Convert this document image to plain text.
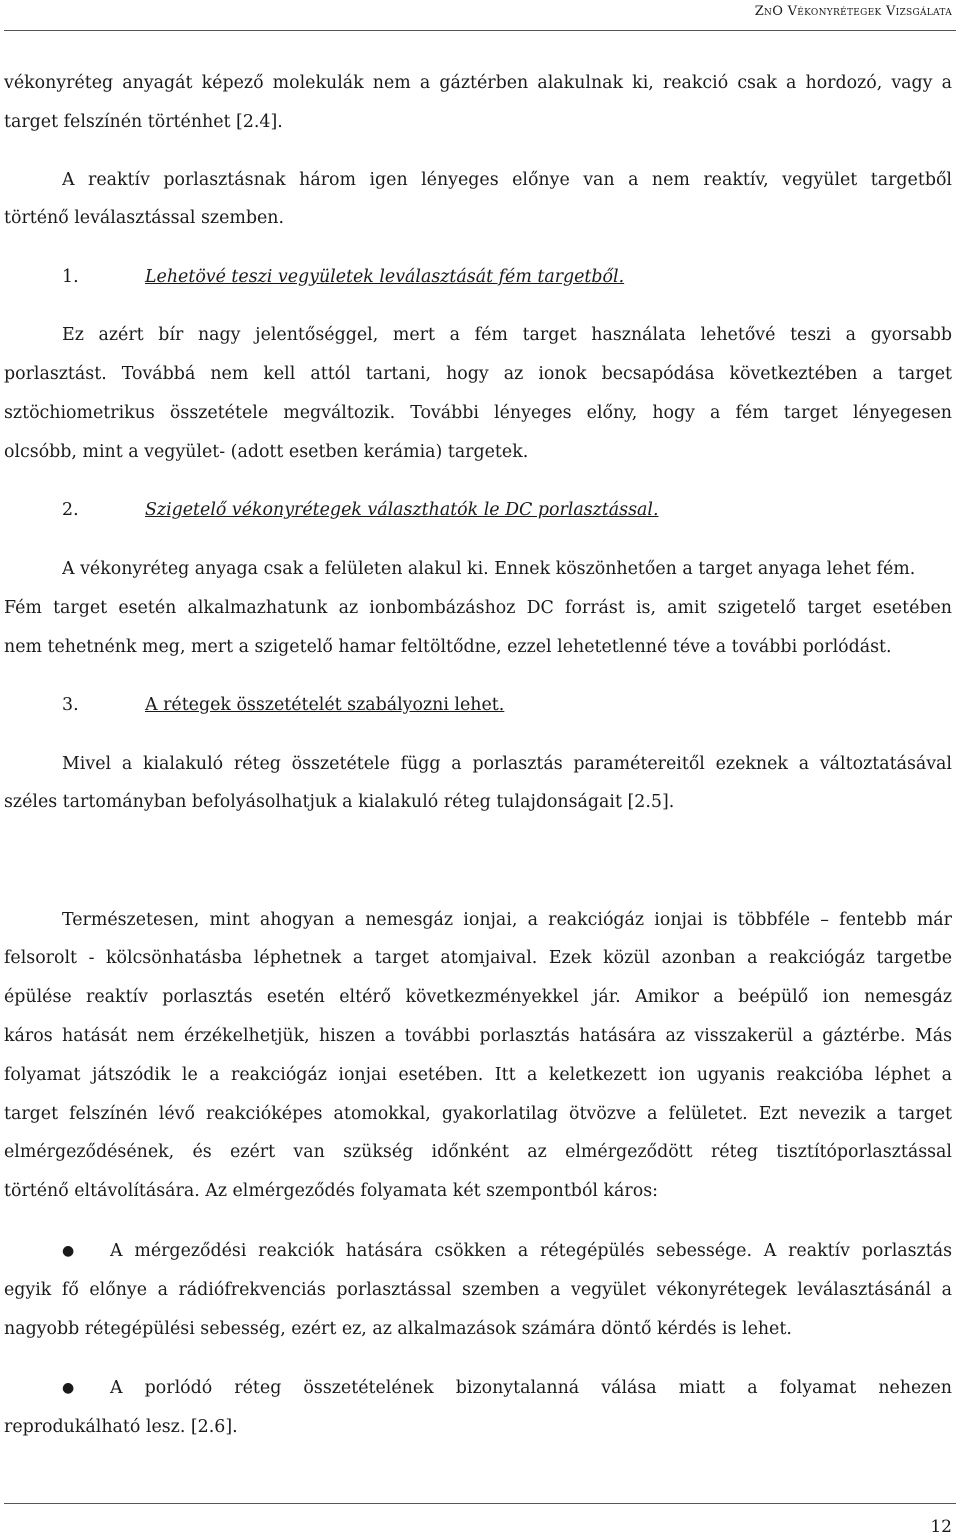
ZnO Vékonyrétegek Vizsgálata
vékonyréteg anyagát képező molekulák nem a gáztérben alakulnak ki, reakció csak a hordozó, vagy a
target felszínén történhet [2.4].
A reaktív porlasztásnak három igen lényeges előnye van a nem reaktív, vegyület targetből
történő leválasztással szemben.
1.	Lehetövé teszi vegyületek leválasztását fém targetből.
Ez azért bír nagy jelentőséggel, mert a fém target használata lehetővé teszi a gyorsabb
porlasztást. Továbbá nem kell attól tartani, hogy az ionok becsapódása következtében a target
sztöchiometrikus összetétele megváltozik. További lényeges előny, hogy a fém target lényegesen
olcsóbb, mint a vegyület- (adott esetben kerámia) targetek.
2.	Szigetelő vékonyrétegek választhatók le DC porlasztással.
A vékonyréteg anyaga csak a felületen alakul ki. Ennek köszönhetően a target anyaga lehet fém.
Fém target esetén alkalmazhatunk az ionbombázáshoz DC forrást is, amit szigetelő target esetében
nem tehetnénk meg, mert a szigetelő hamar feltöltődne, ezzel lehetetlenné téve a további porlódást.
3.	A rétegek összetételét szabályozni lehet.
Mivel a kialakuló réteg összetétele függ a porlasztás paramétereitől ezeknek a változtatásával
széles tartományban befolyásolhatjuk a kialakuló réteg tulajdonságait [2.5].
Természetesen, mint ahogyan a nemesgáz ionjai, a reakciógáz ionjai is többféle – fentebb már
felsorolt - kölcsönhatásba léphetnek a target atomjaival. Ezek közül azonban a reakciógáz targetbe
épülése reaktív porlasztás esetén eltérő következményekkel jár. Amikor a beépülő ion nemesgáz
káros hatását nem érzékelhetjük, hiszen a további porlasztás hatására az visszakerül a gáztérbe. Más
folyamat játszódik le a reakciógáz ionjai esetében. Itt a keletkezett ion ugyanis reakcióba léphet a
target felszínén lévő reakcióképes atomokkal, gyakorlatilag ötvözve a felületet. Ezt nevezik a target
elmérgeződésének, és ezért van szükség időnként az elmérgeződött réteg tisztítóporlasztással
történő eltávolítására. Az elmérgeződés folyamata két szempontból káros:
● A mérgeződési reakciók hatására csökken a rétegépülés sebessége. A reaktív porlasztás
egyik fő előnye a rádiófrekvenciás porlasztással szemben a vegyület vékonyrétegek leválasztásánál a
nagyobb rétegépülési sebesség, ezért ez, az alkalmazások számára döntő kérdés is lehet.
● A porlódó réteg összetételének bizonytalanná válása miatt a folyamat nehezen
reprodukálható lesz. [2.6].
12
